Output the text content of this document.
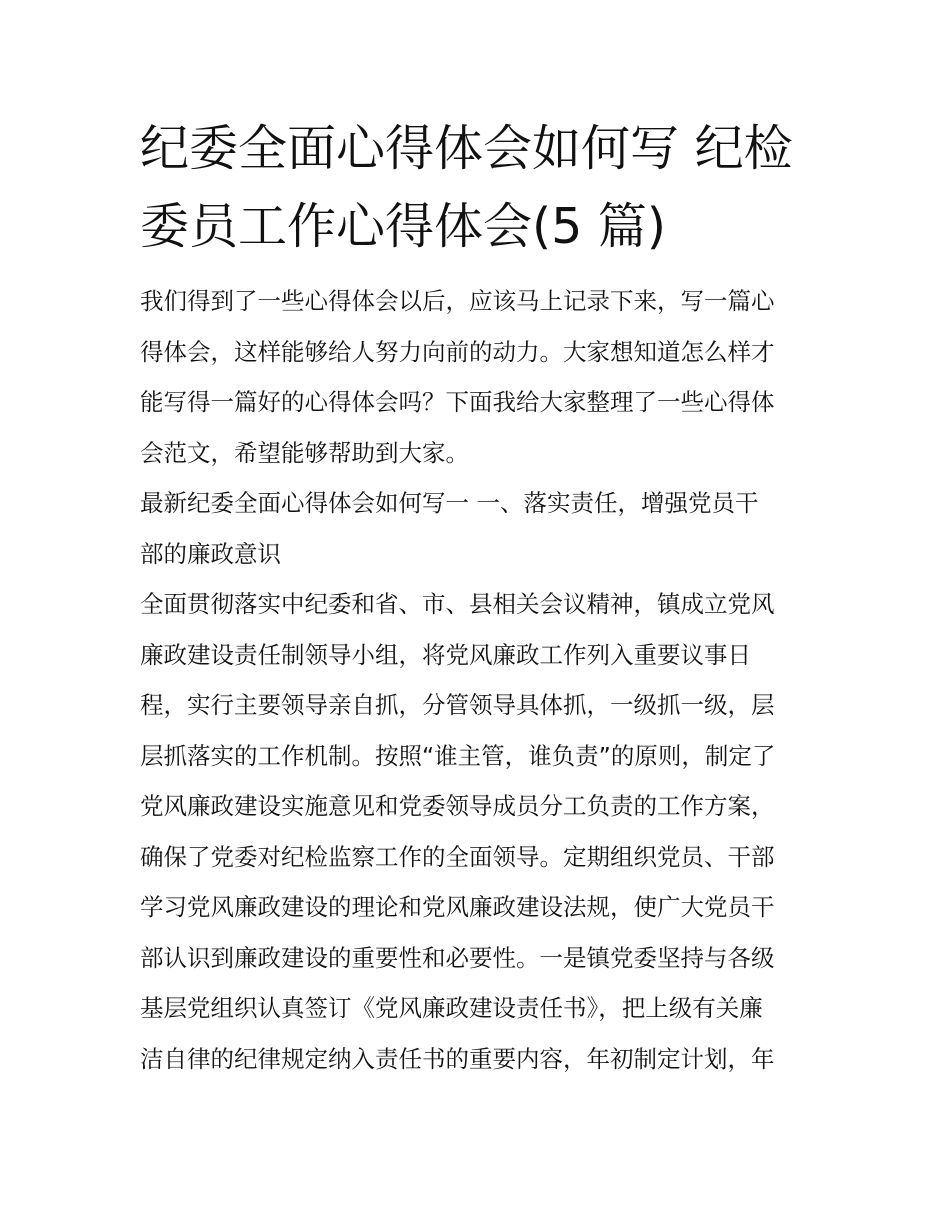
纪委全面心得体会如何写 纪检
委员工作心得体会(5 篇)
我们得到了一些心得体会以后，应该马上记录下来，写一篇心
得体会，这样能够给人努力向前的动力。大家想知道怎么样才
能写得一篇好的心得体会吗？下面我给大家整理了一些心得体
会范文，希望能够帮助到大家。
最新纪委全面心得体会如何写一 一、落实责任，增强党员干
部的廉政意识
全面贯彻落实中纪委和省、市、县相关会议精神，镇成立党风
廉政建设责任制领导小组，将党风廉政工作列入重要议事日
程，实行主要领导亲自抓，分管领导具体抓，一级抓一级，层
层抓落实的工作机制。按照“谁主管，谁负责”的原则，制定了
党风廉政建设实施意见和党委领导成员分工负责的工作方案，
确保了党委对纪检监察工作的全面领导。定期组织党员、干部
学习党风廉政建设的理论和党风廉政建设法规，使广大党员干
部认识到廉政建设的重要性和必要性。一是镇党委坚持与各级
基层党组织认真签订《党风廉政建设责任书》，把上级有关廉
洁自律的纪律规定纳入责任书的重要内容，年初制定计划，年
